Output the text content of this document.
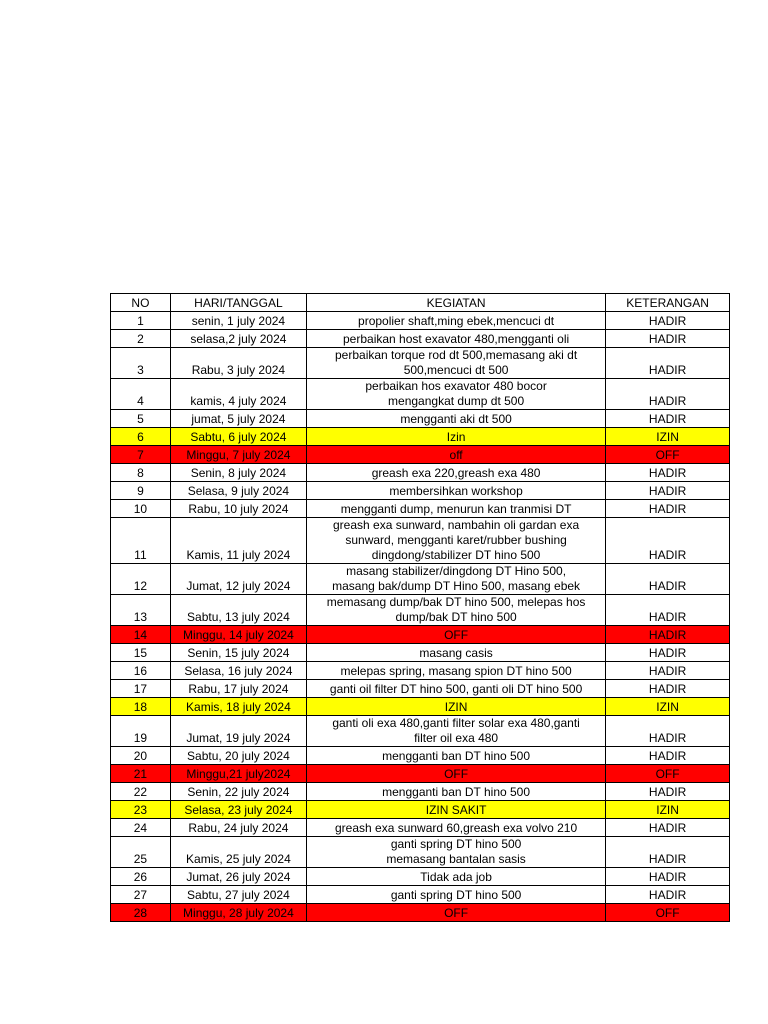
NO	HARI/TANGGAL	KEGIATAN	KETERANGAN
1	senin, 1 july 2024	propolier shaft,ming ebek,mencuci dt	HADIR
2	selasa,2 july 2024	perbaikan host exavator 480,mengganti oli	HADIR
3	Rabu, 3 july 2024	perbaikan torque rod dt 500,memasang aki dt
500,mencuci dt 500	HADIR
4	kamis, 4 july 2024	perbaikan hos exavator 480 bocor
mengangkat dump dt 500	HADIR
5	jumat, 5 july 2024	mengganti aki dt 500	HADIR
6	Sabtu, 6 july 2024	Izin	IZIN
7	Minggu, 7 july 2024	off	OFF
8	Senin, 8 july 2024	greash exa 220,greash exa 480	HADIR
9	Selasa, 9 july 2024	membersihkan workshop	HADIR
10	Rabu, 10 july 2024	mengganti dump, menurun kan tranmisi DT	HADIR
11	Kamis, 11 july 2024	greash exa sunward, nambahin oli gardan exa
sunward, mengganti karet/rubber bushing
dingdong/stabilizer DT hino 500	HADIR
12	Jumat, 12 july 2024	masang stabilizer/dingdong DT Hino 500,
masang bak/dump DT Hino 500, masang ebek	HADIR
13	Sabtu, 13 july 2024	memasang dump/bak DT hino 500, melepas hos
dump/bak DT hino 500	HADIR
14	Minggu, 14 july 2024	OFF	HADIR
15	Senin, 15 july 2024	masang casis	HADIR
16	Selasa, 16 july 2024	melepas spring, masang spion DT hino 500	HADIR
17	Rabu, 17 july 2024	ganti oil filter DT hino 500, ganti oli DT hino 500	HADIR
18	Kamis, 18 july 2024	IZIN	IZIN
19	Jumat, 19 july 2024	ganti oli exa 480,ganti filter solar exa 480,ganti
filter oil exa 480	HADIR
20	Sabtu, 20 july 2024	mengganti ban DT hino 500	HADIR
21	Minggu,21 july2024	OFF	OFF
22	Senin, 22 july 2024	mengganti ban DT hino 500	HADIR
23	Selasa, 23 july 2024	IZIN SAKIT	IZIN
24	Rabu, 24 july 2024	greash exa sunward 60,greash exa volvo 210	HADIR
25	Kamis, 25 july 2024	ganti spring DT hino 500
memasang bantalan sasis	HADIR
26	Jumat, 26 july 2024	Tidak ada job	HADIR
27	Sabtu, 27 july 2024	ganti spring DT hino 500	HADIR
28	Minggu, 28 july 2024	OFF	OFF
